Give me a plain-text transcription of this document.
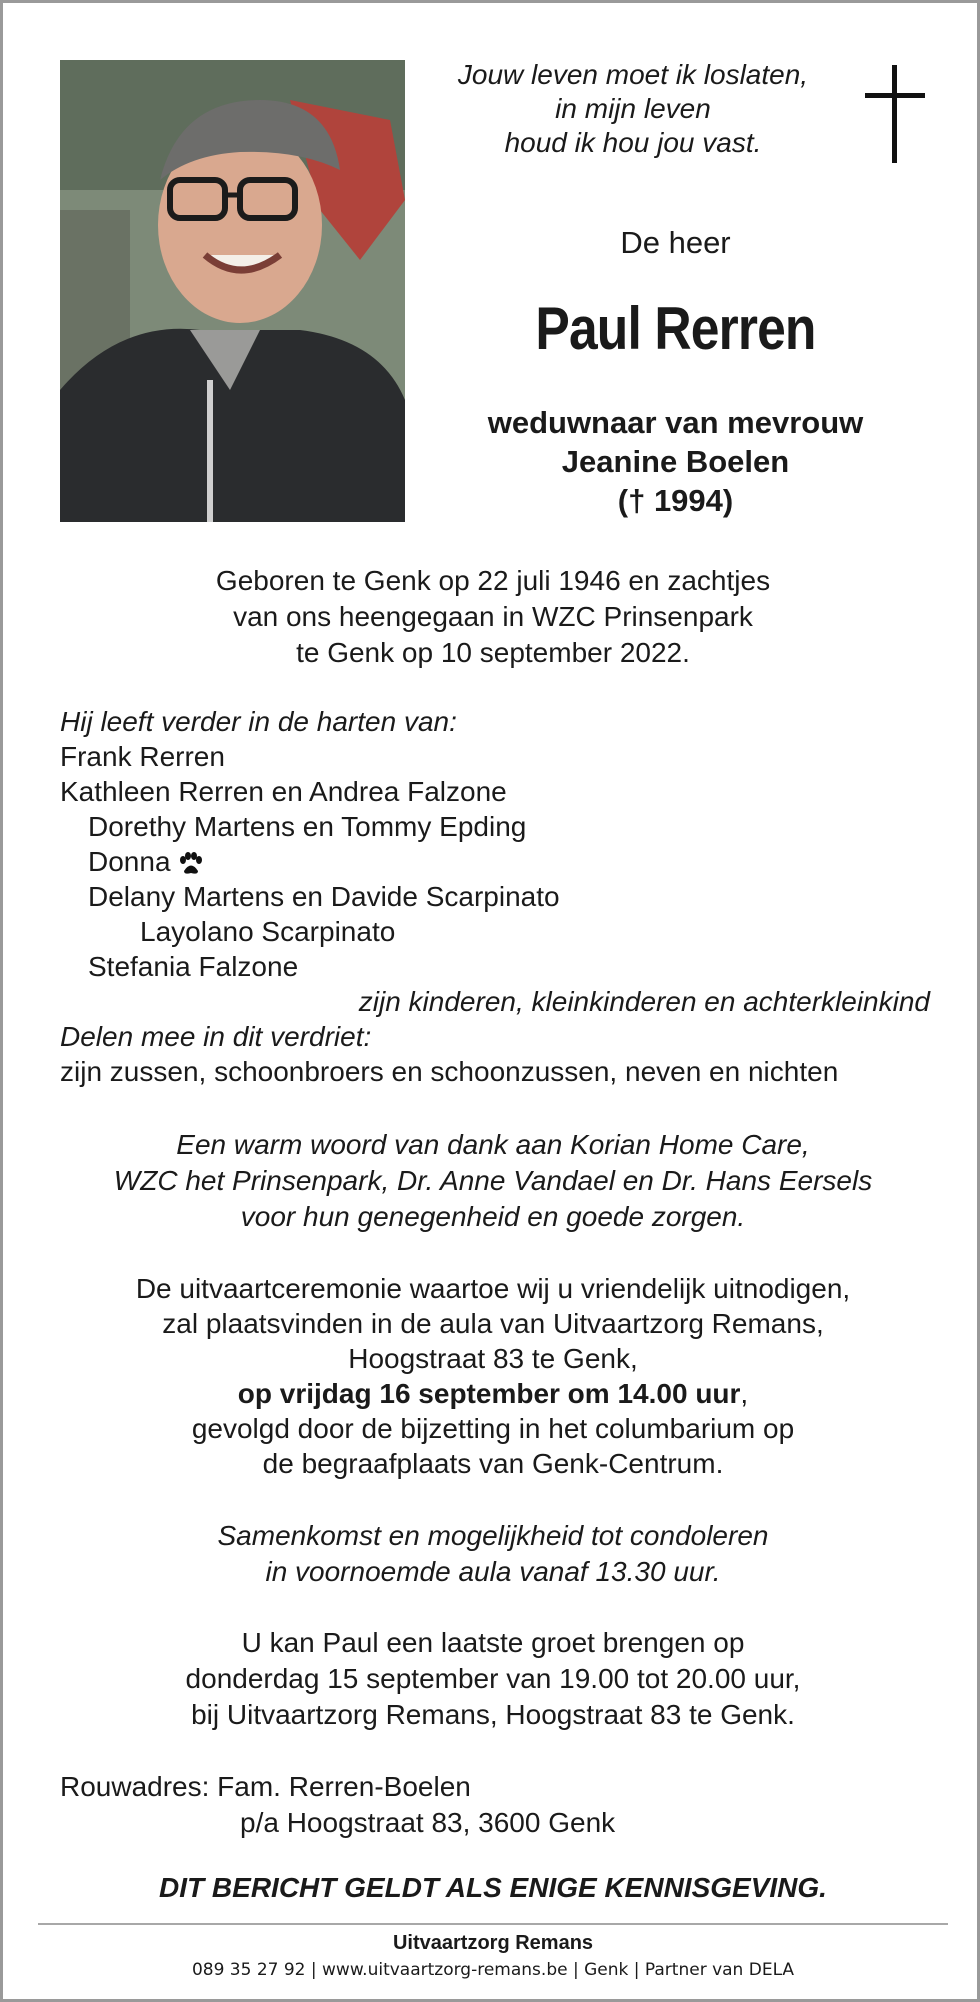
Jouw leven moet ik loslaten,
in mijn leven
houd ik hou jou vast.
De heer
Paul Rerren
weduwnaar van mevrouw
Jeanine Boelen
(† 1994)
Geboren te Genk op 22 juli 1946 en zachtjes
van ons heengegaan in WZC Prinsenpark
te Genk op 10 september 2022.
Hij leeft verder in de harten van:
Frank Rerren
Kathleen Rerren en Andrea Falzone
Dorethy Martens en Tommy Epding
Donna
Delany Martens en Davide Scarpinato
Layolano Scarpinato
Stefania Falzone
zijn kinderen, kleinkinderen en achterkleinkind
Delen mee in dit verdriet:
zijn zussen, schoonbroers en schoonzussen, neven en nichten
Een warm woord van dank aan Korian Home Care,
WZC het Prinsenpark, Dr. Anne Vandael en Dr. Hans Eersels
voor hun genegenheid en goede zorgen.
De uitvaartceremonie waartoe wij u vriendelijk uitnodigen,
zal plaatsvinden in de aula van Uitvaartzorg Remans,
Hoogstraat 83 te Genk,
op vrijdag 16 september om 14.00 uur,
gevolgd door de bijzetting in het columbarium op
de begraafplaats van Genk-Centrum.
Samenkomst en mogelijkheid tot condoleren
in voornoemde aula vanaf 13.30 uur.
U kan Paul een laatste groet brengen op
donderdag 15 september van 19.00 tot 20.00 uur,
bij Uitvaartzorg Remans, Hoogstraat 83 te Genk.
Rouwadres: Fam. Rerren-Boelen
p/a Hoogstraat 83, 3600 Genk
DIT BERICHT GELDT ALS ENIGE KENNISGEVING.
Uitvaartzorg Remans
089 35 27 92 | www.uitvaartzorg-remans.be | Genk | Partner van DELA
